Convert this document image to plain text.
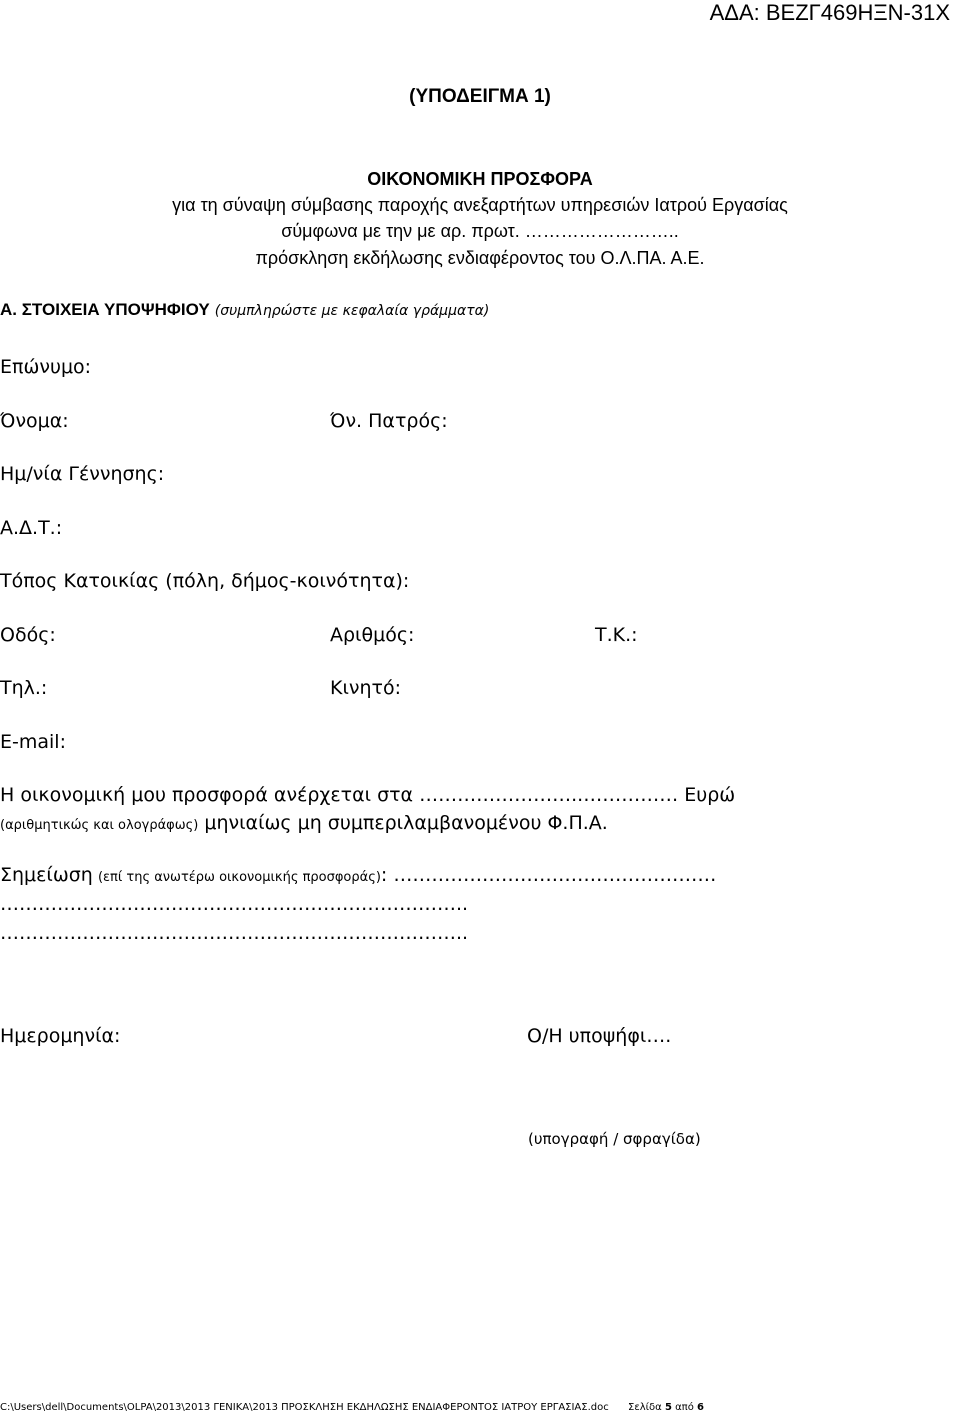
ΑΔΑ: ΒΕΖΓ469ΗΞΝ-31Χ
(ΥΠΟΔΕΙΓΜΑ 1)
ΟΙΚΟΝΟΜΙΚΗ ΠΡΟΣΦΟΡΑ
για τη σύναψη σύμβασης παροχής ανεξαρτήτων υπηρεσιών Ιατρού Εργασίας
σύμφωνα με την με αρ. πρωτ. ……………………..
πρόσκληση εκδήλωσης ενδιαφέροντος του Ο.Λ.ΠΑ. Α.Ε.
Α. ΣΤΟΙΧΕΙΑ ΥΠΟΨΗΦΙΟΥ (συμπληρώστε με κεφαλαία γράμματα)
Επώνυμο:
Όνομα:	Όν. Πατρός:
Ημ/νία Γέννησης:
Α.Δ.Τ.:
Τόπος Κατοικίας (πόλη, δήμος-κοινότητα):
Οδός:	Αριθμός:	Τ.Κ.:
Τηλ.:	Κινητό:
E-mail:
Η οικονομική μου προσφορά ανέρχεται στα ……………………..…………… Ευρώ
(αριθμητικώς και ολογράφως) μηνιαίως μη συμπεριλαμβανομένου Φ.Π.Α.
Σημείωση (επί της ανωτέρω οικονομικής προσφοράς): ……………………………………………
………………………………………………………………..
………………………………………………………………..
Ημερομηνία:	Ο/Η υποψήφι….
(υπογραφή / σφραγίδα)
C:\Users\dell\Documents\OLPA\2013\2013 ΓΕΝΙΚΑ\2013 ΠΡΟΣΚΛΗΣΗ ΕΚΔΗΛΩΣΗΣ ΕΝΔΙΑΦΕΡΟΝΤΟΣ ΙΑΤΡΟΥ ΕΡΓΑΣΙΑΣ.doc Σελίδα 5 από 6
